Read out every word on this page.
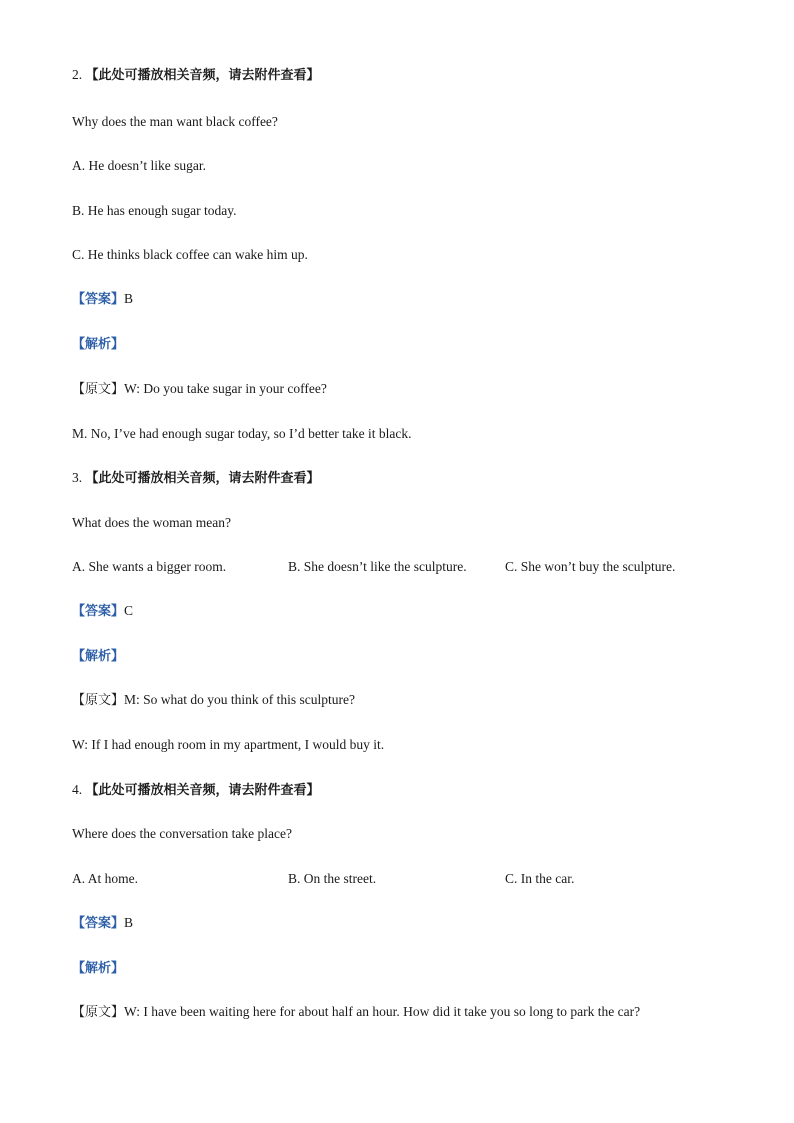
2. 【此处可播放相关音频，请去附件查看】
Why does the man want black coffee?
A. He doesn’t like sugar.
B. He has enough sugar today.
C. He thinks black coffee can wake him up.
【答案】B
【解析】
【原文】W: Do you take sugar in your coffee?
M. No, I’ve had enough sugar today, so I’d better take it black.
3. 【此处可播放相关音频，请去附件查看】
What does the woman mean?
A. She wants a bigger room.	B. She doesn’t like the sculpture.	C. She won’t buy the sculpture.
【答案】C
【解析】
【原文】M: So what do you think of this sculpture?
W: If I had enough room in my apartment, I would buy it.
4. 【此处可播放相关音频，请去附件查看】
Where does the conversation take place?
A. At home.	B. On the street.	C. In the car.
【答案】B
【解析】
【原文】W: I have been waiting here for about half an hour. How did it take you so long to park the car?
